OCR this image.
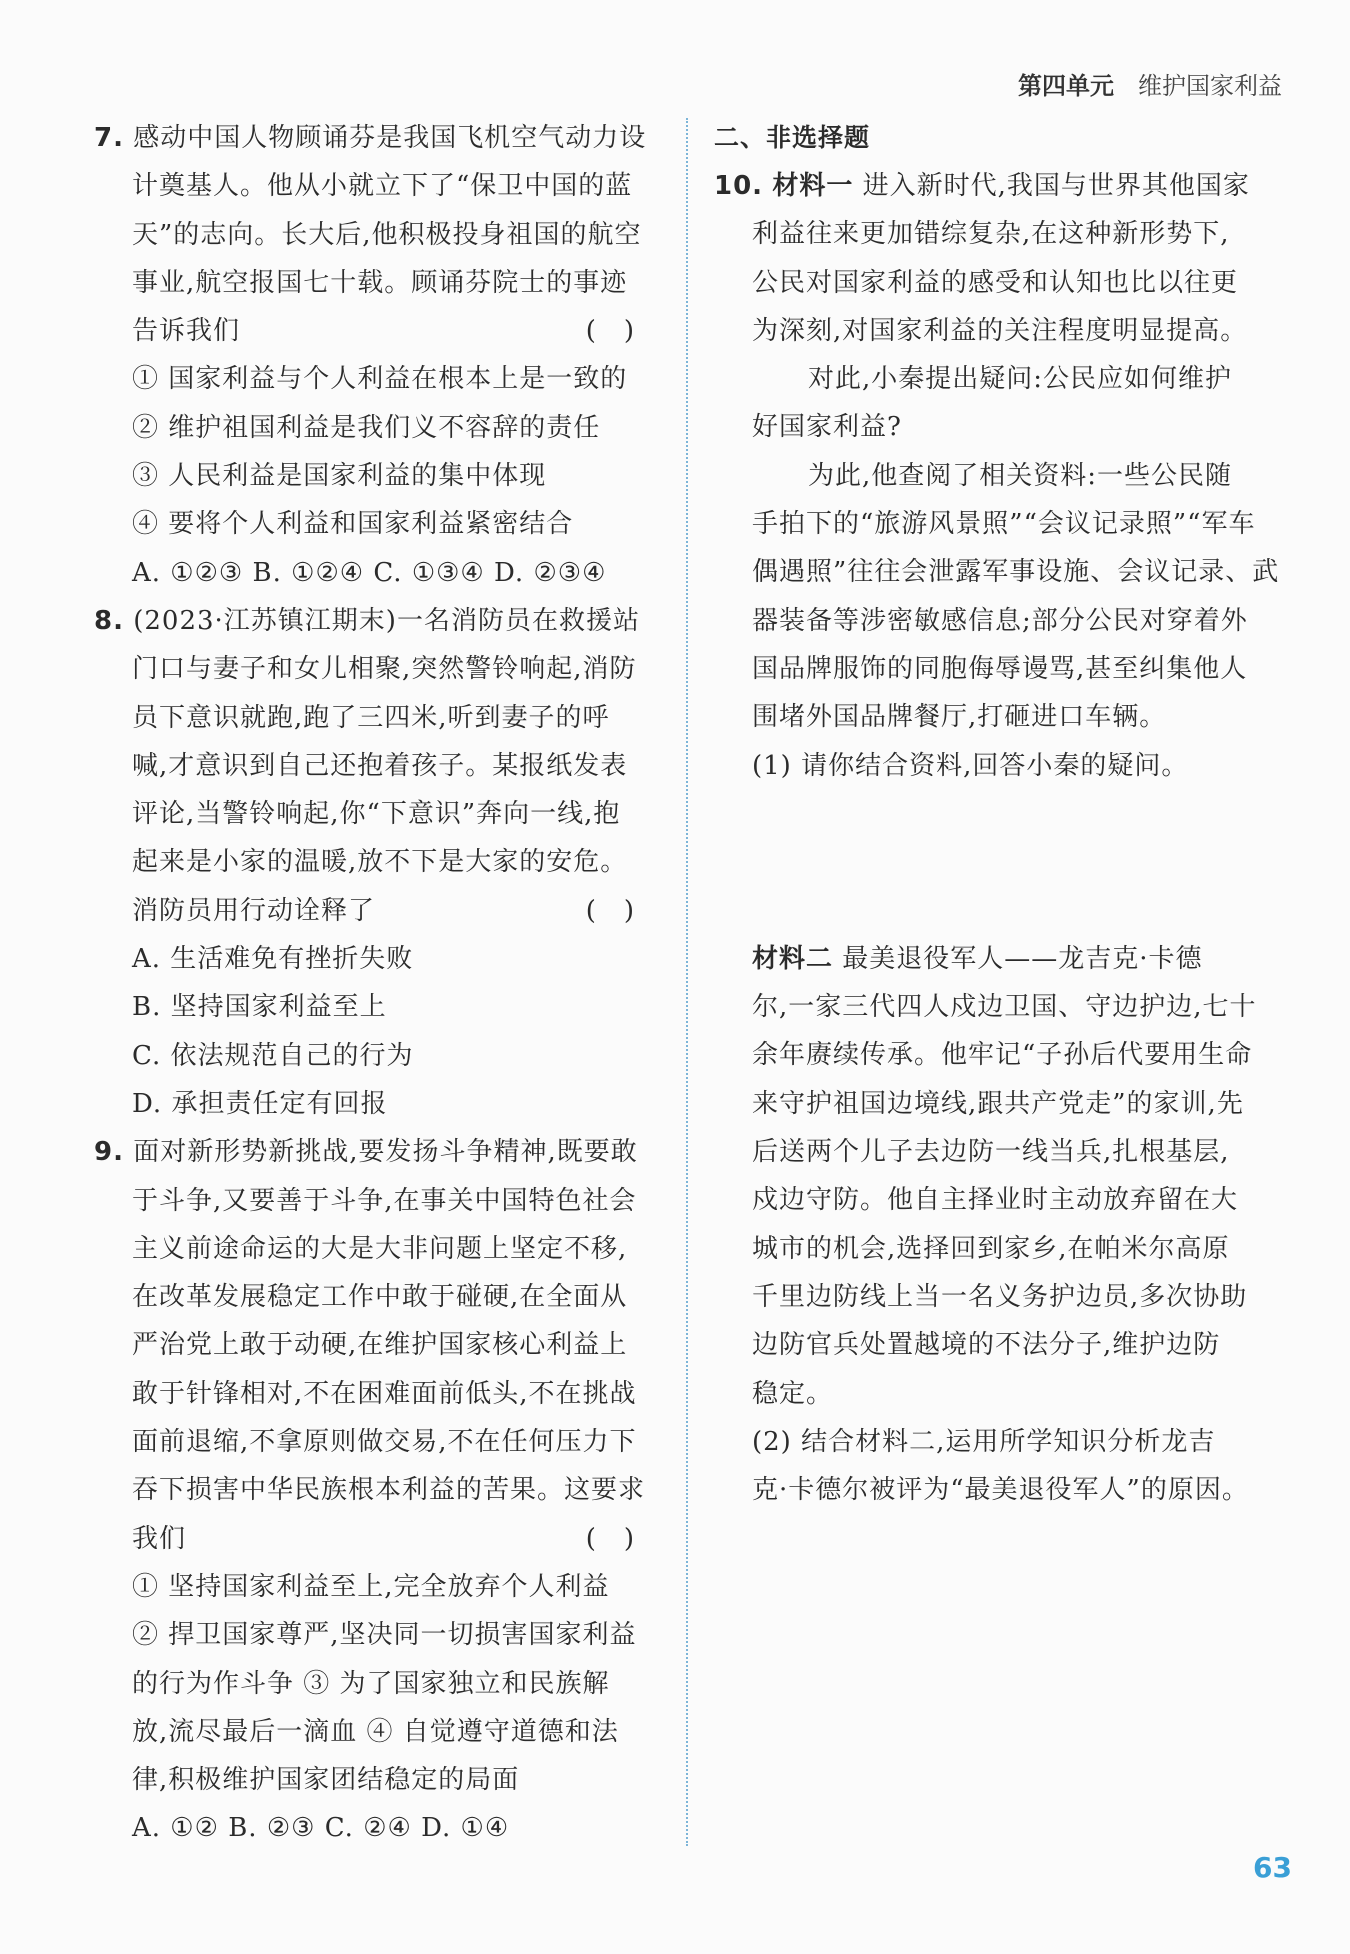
第四单元 维护国家利益
7. 感动中国人物顾诵芬是我国飞机空气动力设
计奠基人。他从小就立下了“保卫中国的蓝
天”的志向。长大后,他积极投身祖国的航空
事业,航空报国七十载。顾诵芬院士的事迹
告诉我们	()
① 国家利益与个人利益在根本上是一致的
② 维护祖国利益是我们义不容辞的责任
③ 人民利益是国家利益的集中体现
④ 要将个人利益和国家利益紧密结合
A. ①②③ B. ①②④ C. ①③④ D. ②③④
8. (2023·江苏镇江期末)一名消防员在救援站
门口与妻子和女儿相聚,突然警铃响起,消防
员下意识就跑,跑了三四米,听到妻子的呼
喊,才意识到自己还抱着孩子。某报纸发表
评论,当警铃响起,你“下意识”奔向一线,抱
起来是小家的温暖,放不下是大家的安危。
消防员用行动诠释了	()
A. 生活难免有挫折失败
B. 坚持国家利益至上
C. 依法规范自己的行为
D. 承担责任定有回报
9. 面对新形势新挑战,要发扬斗争精神,既要敢
于斗争,又要善于斗争,在事关中国特色社会
主义前途命运的大是大非问题上坚定不移,
在改革发展稳定工作中敢于碰硬,在全面从
严治党上敢于动硬,在维护国家核心利益上
敢于针锋相对,不在困难面前低头,不在挑战
面前退缩,不拿原则做交易,不在任何压力下
吞下损害中华民族根本利益的苦果。这要求
我们	()
① 坚持国家利益至上,完全放弃个人利益
② 捍卫国家尊严,坚决同一切损害国家利益
的行为作斗争 ③ 为了国家独立和民族解
放,流尽最后一滴血 ④ 自觉遵守道德和法
律,积极维护国家团结稳定的局面
A. ①② B. ②③ C. ②④ D. ①④
二、非选择题
10. 材料一 进入新时代,我国与世界其他国家
利益往来更加错综复杂,在这种新形势下,
公民对国家利益的感受和认知也比以往更
为深刻,对国家利益的关注程度明显提高。
对此,小秦提出疑问:公民应如何维护
好国家利益?
为此,他查阅了相关资料:一些公民随
手拍下的“旅游风景照”“会议记录照”“军车
偶遇照”往往会泄露军事设施、会议记录、武
器装备等涉密敏感信息;部分公民对穿着外
国品牌服饰的同胞侮辱谩骂,甚至纠集他人
围堵外国品牌餐厅,打砸进口车辆。
(1) 请你结合资料,回答小秦的疑问。
材料二 最美退役军人——龙吉克·卡德
尔,一家三代四人戍边卫国、守边护边,七十
余年赓续传承。他牢记“子孙后代要用生命
来守护祖国边境线,跟共产党走”的家训,先
后送两个儿子去边防一线当兵,扎根基层,
戍边守防。他自主择业时主动放弃留在大
城市的机会,选择回到家乡,在帕米尔高原
千里边防线上当一名义务护边员,多次协助
边防官兵处置越境的不法分子,维护边防
稳定。
(2) 结合材料二,运用所学知识分析龙吉
克·卡德尔被评为“最美退役军人”的原因。
63
